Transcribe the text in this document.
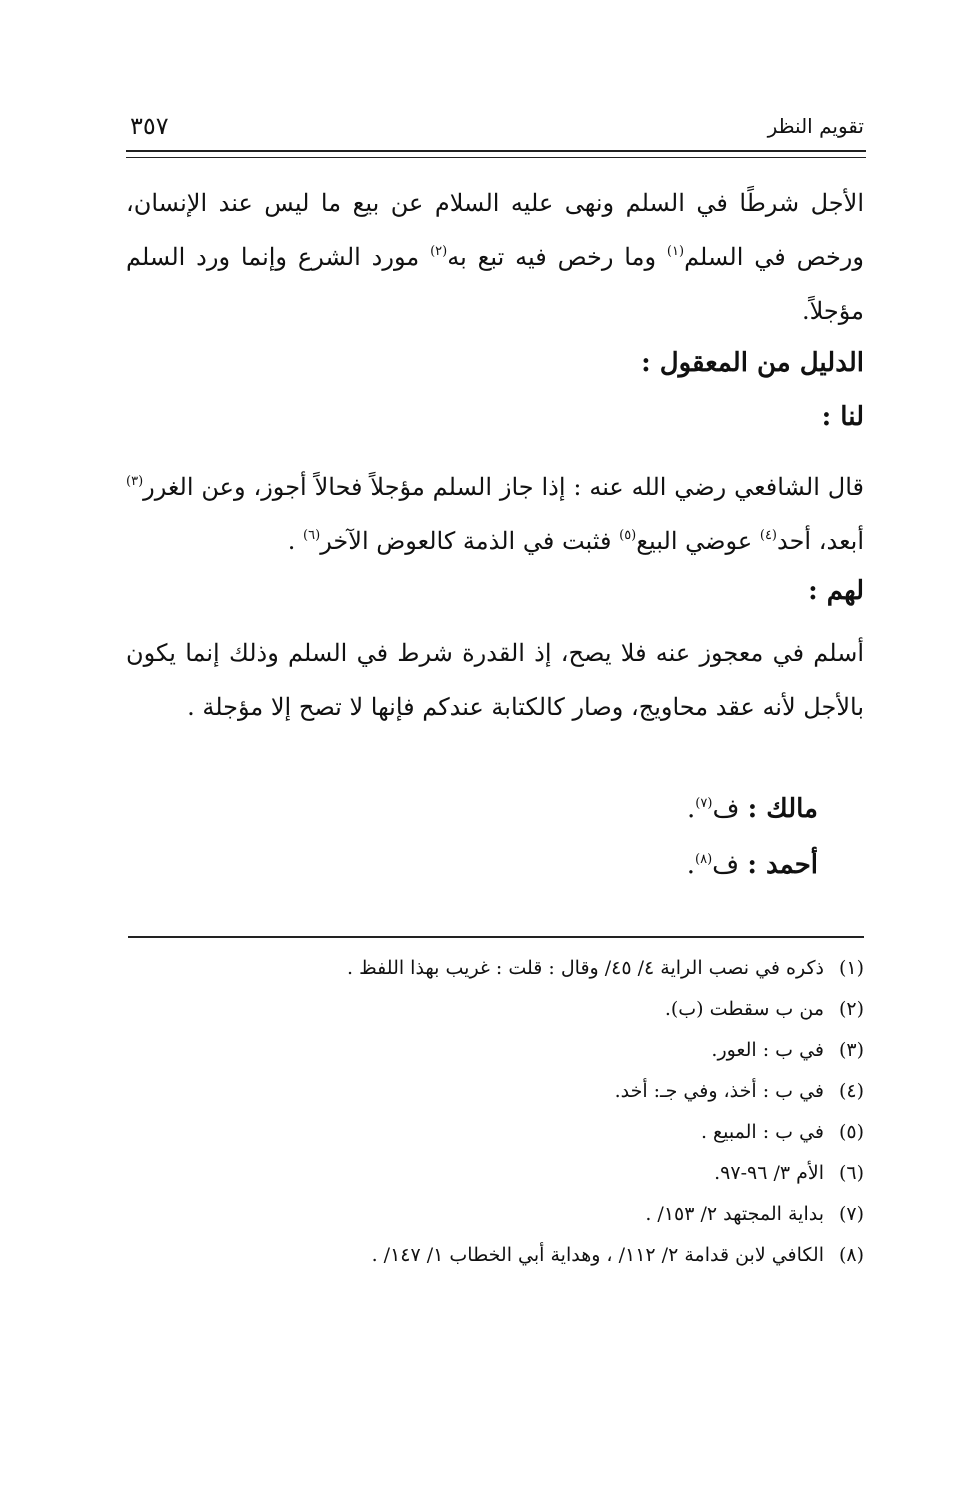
٣٥٧	تقويم النظر
الأجل شرطًا في السلم ونهى عليه السلام عن بيع ما ليس عند الإنسان، ورخص في السلم$^{(١)}$ وما رخص فيه تبع به$^{(٢)}$ مورد الشرع وإنما ورد السلم مؤجلاً.
الدليل من المعقول :
لنا :
قال الشافعي رضي الله عنه : إذا جاز السلم مؤجلاً فحالاً أجوز، وعن الغرر$^{(٣)}$ أبعد، أحد$^{(٤)}$ عوضي البيع$^{(٥)}$ فثبت في الذمة كالعوض الآخر$^{(٦)}$ .
لهم :
أسلم في معجوز عنه فلا يصح، إذ القدرة شرط في السلم وذلك إنما يكون بالأجل لأنه عقد محاويج، وصار كالكتابة عندكم فإنها لا تصح إلا مؤجلة .
مالك : ف$^{(٧)}$.
أحمد : ف$^{(٨)}$.
(١)ذكره في نصب الراية ٤/ ٤٥/ وقال : قلت : غريب بهذا اللفظ .
(٢)من ب سقطت (ب).
(٣)في ب : العور.
(٤)في ب : أخذ، وفي جـ: أخد.
(٥)في ب : المبيع .
(٦)الأم ٣/ ٩٦-٩٧.
(٧)بداية المجتهد ٢/ ١٥٣/ .
(٨)الكافي لابن قدامة ٢/ ١١٢/ ، وهداية أبي الخطاب ١/ ١٤٧/ .
